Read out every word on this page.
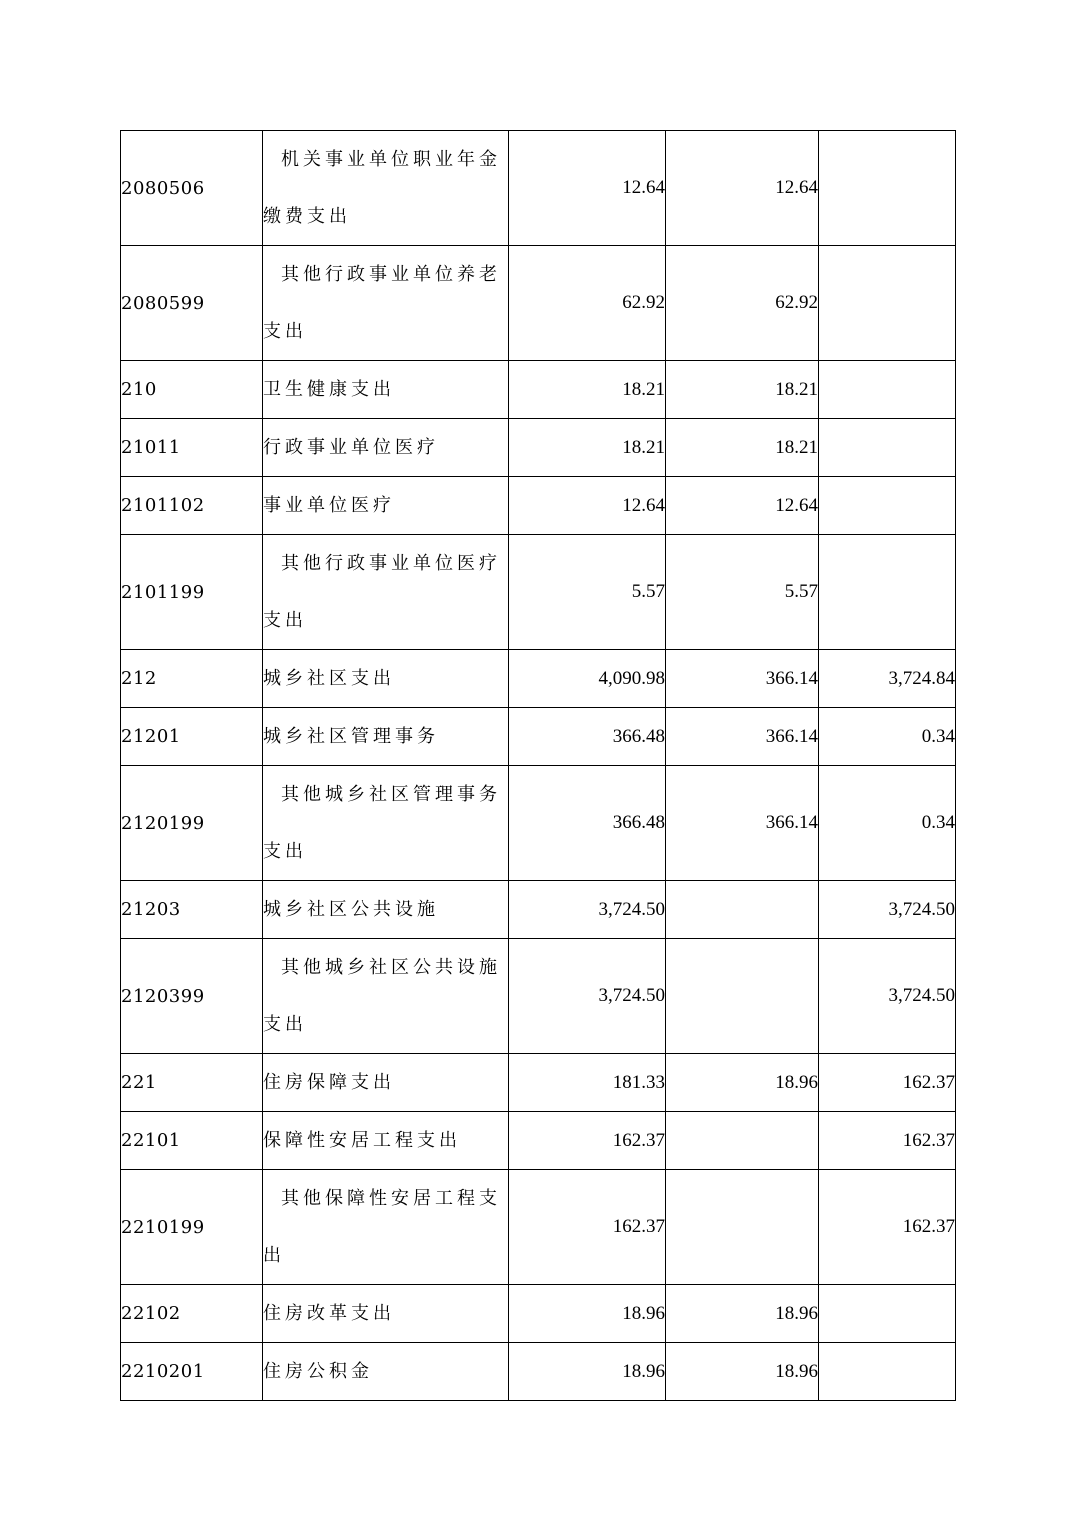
2080506	机关事业单位职业年金缴费支出	12.64	12.64	
2080599	其他行政事业单位养老支出	62.92	62.92	
210	卫生健康支出	18.21	18.21	
21011	行政事业单位医疗	18.21	18.21	
2101102	事业单位医疗	12.64	12.64	
2101199	其他行政事业单位医疗支出	5.57	5.57	
212	城乡社区支出	4,090.98	366.14	3,724.84
21201	城乡社区管理事务	366.48	366.14	0.34
2120199	其他城乡社区管理事务支出	366.48	366.14	0.34
21203	城乡社区公共设施	3,724.50		3,724.50
2120399	其他城乡社区公共设施支出	3,724.50		3,724.50
221	住房保障支出	181.33	18.96	162.37
22101	保障性安居工程支出	162.37		162.37
2210199	其他保障性安居工程支出	162.37		162.37
22102	住房改革支出	18.96	18.96	
2210201	住房公积金	18.96	18.96	
